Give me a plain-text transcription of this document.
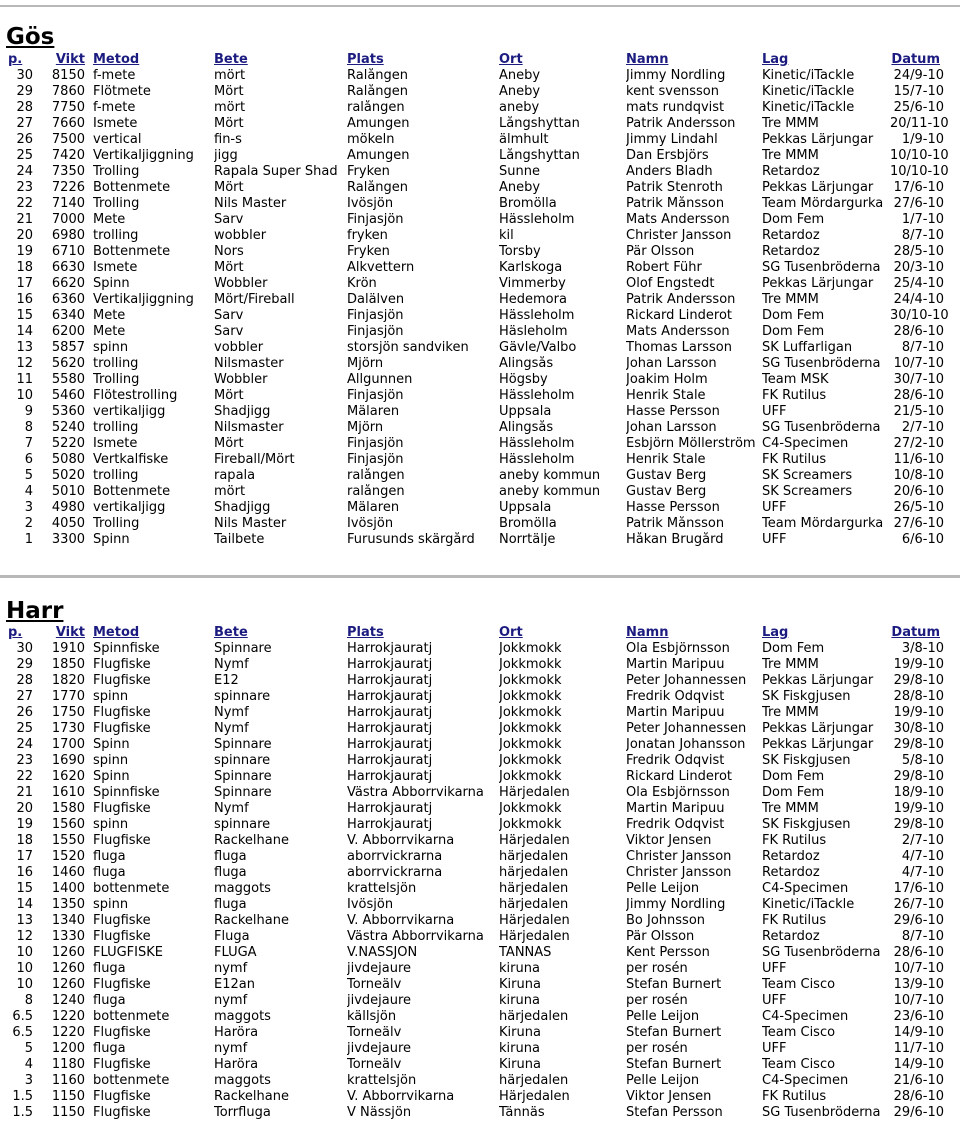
Gös
p.	Vikt	Metod	Bete	Plats	Ort	Namn	Lag	Datum
30	8150	f-mete	mört	Ralången	Aneby	Jimmy Nordling	Kinetic/iTackle	24/9-10
29	7860	Flötmete	Mört	Ralången	Aneby	kent svensson	Kinetic/iTackle	15/7-10
28	7750	f-mete	mört	ralången	aneby	mats rundqvist	Kinetic/iTackle	25/6-10
27	7660	Ismete	Mört	Amungen	Långshyttan	Patrik Andersson	Tre MMM	20/11-10
26	7500	vertical	fin-s	mökeln	älmhult	Jimmy Lindahl	Pekkas Lärjungar	1/9-10
25	7420	Vertikaljiggning	jigg	Amungen	Långshyttan	Dan Ersbjörs	Tre MMM	10/10-10
24	7350	Trolling	Rapala Super Shad	Fryken	Sunne	Anders Bladh	Retardoz	10/10-10
23	7226	Bottenmete	Mört	Ralången	Aneby	Patrik Stenroth	Pekkas Lärjungar	17/6-10
22	7140	Trolling	Nils Master	Ivösjön	Bromölla	Patrik Månsson	Team Mördargurka	27/6-10
21	7000	Mete	Sarv	Finjasjön	Hässleholm	Mats Andersson	Dom Fem	1/7-10
20	6980	trolling	wobbler	fryken	kil	Christer Jansson	Retardoz	8/7-10
19	6710	Bottenmete	Nors	Fryken	Torsby	Pär Olsson	Retardoz	28/5-10
18	6630	Ismete	Mört	Alkvettern	Karlskoga	Robert Führ	SG Tusenbröderna	20/3-10
17	6620	Spinn	Wobbler	Krön	Vimmerby	Olof Engstedt	Pekkas Lärjungar	25/4-10
16	6360	Vertikaljiggning	Mört/Fireball	Dalälven	Hedemora	Patrik Andersson	Tre MMM	24/4-10
15	6340	Mete	Sarv	Finjasjön	Hässleholm	Rickard Linderot	Dom Fem	30/10-10
14	6200	Mete	Sarv	Finjasjön	Häsleholm	Mats Andersson	Dom Fem	28/6-10
13	5857	spinn	vobbler	storsjön sandviken	Gävle/Valbo	Thomas Larsson	SK Luffarligan	8/7-10
12	5620	trolling	Nilsmaster	Mjörn	Alingsås	Johan Larsson	SG Tusenbröderna	10/7-10
11	5580	Trolling	Wobbler	Allgunnen	Högsby	Joakim Holm	Team MSK	30/7-10
10	5460	Flötestrolling	Mört	Finjasjön	Hässleholm	Henrik Stale	FK Rutilus	28/6-10
9	5360	vertikaljigg	Shadjigg	Mälaren	Uppsala	Hasse Persson	UFF	21/5-10
8	5240	trolling	Nilsmaster	Mjörn	Alingsås	Johan Larsson	SG Tusenbröderna	2/7-10
7	5220	Ismete	Mört	Finjasjön	Hässleholm	Esbjörn Möllerström	C4-Specimen	27/2-10
6	5080	Vertkalfiske	Fireball/Mört	Finjasjön	Hässleholm	Henrik Stale	FK Rutilus	11/6-10
5	5020	trolling	rapala	ralången	aneby kommun	Gustav Berg	SK Screamers	10/8-10
4	5010	Bottenmete	mört	ralången	aneby kommun	Gustav Berg	SK Screamers	20/6-10
3	4980	vertikaljigg	Shadjigg	Mälaren	Uppsala	Hasse Persson	UFF	26/5-10
2	4050	Trolling	Nils Master	Ivösjön	Bromölla	Patrik Månsson	Team Mördargurka	27/6-10
1	3300	Spinn	Tailbete	Furusunds skärgård	Norrtälje	Håkan Brugård	UFF	6/6-10
Harr
p.	Vikt	Metod	Bete	Plats	Ort	Namn	Lag	Datum
30	1910	Spinnfiske	Spinnare	Harrokjauratj	Jokkmokk	Ola Esbjörnsson	Dom Fem	3/8-10
29	1850	Flugfiske	Nymf	Harrokjauratj	Jokkmokk	Martin Maripuu	Tre MMM	19/9-10
28	1820	Flugfiske	E12	Harrokjauratj	Jokkmokk	Peter Johannessen	Pekkas Lärjungar	29/8-10
27	1770	spinn	spinnare	Harrokjauratj	Jokkmokk	Fredrik Odqvist	SK Fiskgjusen	28/8-10
26	1750	Flugfiske	Nymf	Harrokjauratj	Jokkmokk	Martin Maripuu	Tre MMM	19/9-10
25	1730	Flugfiske	Nymf	Harrokjauratj	Jokkmokk	Peter Johannessen	Pekkas Lärjungar	30/8-10
24	1700	Spinn	Spinnare	Harrokjauratj	Jokkmokk	Jonatan Johansson	Pekkas Lärjungar	29/8-10
23	1690	spinn	spinnare	Harrokjauratj	Jokkmokk	Fredrik Odqvist	SK Fiskgjusen	5/8-10
22	1620	Spinn	Spinnare	Harrokjauratj	Jokkmokk	Rickard Linderot	Dom Fem	29/8-10
21	1610	Spinnfiske	Spinnare	Västra Abborrvikarna	Härjedalen	Ola Esbjörnsson	Dom Fem	18/9-10
20	1580	Flugfiske	Nymf	Harrokjauratj	Jokkmokk	Martin Maripuu	Tre MMM	19/9-10
19	1560	spinn	spinnare	Harrokjauratj	Jokkmokk	Fredrik Odqvist	SK Fiskgjusen	29/8-10
18	1550	Flugfiske	Rackelhane	V. Abborrvikarna	Härjedalen	Viktor Jensen	FK Rutilus	2/7-10
17	1520	fluga	fluga	aborrvickrarna	härjedalen	Christer Jansson	Retardoz	4/7-10
16	1460	fluga	fluga	aborrvickrarna	härjedalen	Christer Jansson	Retardoz	4/7-10
15	1400	bottenmete	maggots	krattelsjön	härjedalen	Pelle Leijon	C4-Specimen	17/6-10
14	1350	spinn	fluga	Ivösjön	härjedalen	Jimmy Nordling	Kinetic/iTackle	26/7-10
13	1340	Flugfiske	Rackelhane	V. Abborrvikarna	Härjedalen	Bo Johnsson	FK Rutilus	29/6-10
12	1330	Flugfiske	Fluga	Västra Abborrvikarna	Härjedalen	Pär Olsson	Retardoz	8/7-10
10	1260	FLUGFISKE	FLUGA	V.NÄSSJÖN	TÄNNÄS	Kent Persson	SG Tusenbröderna	28/6-10
10	1260	fluga	nymf	jivdejaure	kiruna	per rosén	UFF	10/7-10
10	1260	Flugfiske	E12an	Torneälv	Kiruna	Stefan Burnert	Team Cisco	13/9-10
8	1240	fluga	nymf	jivdejaure	kiruna	per rosén	UFF	10/7-10
6.5	1220	bottenmete	maggots	källsjön	härjedalen	Pelle Leijon	C4-Specimen	23/6-10
6.5	1220	Flugfiske	Haröra	Torneälv	Kiruna	Stefan Burnert	Team Cisco	14/9-10
5	1200	fluga	nymf	jivdejaure	kiruna	per rosén	UFF	11/7-10
4	1180	Flugfiske	Haröra	Torneälv	Kiruna	Stefan Burnert	Team Cisco	14/9-10
3	1160	bottenmete	maggots	krattelsjön	härjedalen	Pelle Leijon	C4-Specimen	21/6-10
1.5	1150	Flugfiske	Rackelhane	V. Abborrvikarna	Härjedalen	Viktor Jensen	FK Rutilus	28/6-10
1.5	1150	Flugfiske	Torrfluga	V Nässjön	Tännäs	Stefan Persson	SG Tusenbröderna	29/6-10
